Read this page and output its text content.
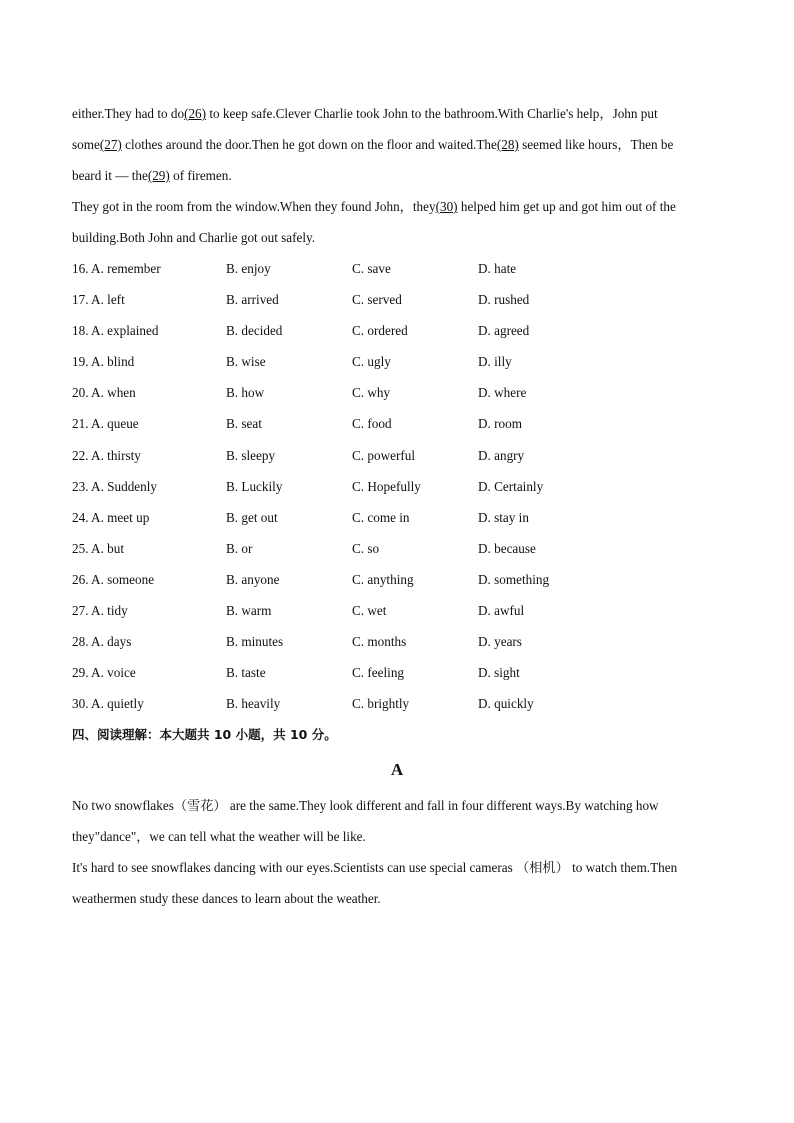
either.They had to do(26) to keep safe.Clever Charlie took John to the bathroom.With Charlie's help，John put
some(27) clothes around the door.Then he got down on the floor and waited.The(28) seemed like hours，Then be
beard it — the(29) of firemen.
They got in the room from the window.When they found John，they(30) helped him get up and got him out of the
building.Both John and Charlie got out safely.
16. A. remember	B. enjoy	C. save	D. hate
17. A. left	B. arrived	C. served	D. rushed
18. A. explained	B. decided	C. ordered	D. agreed
19. A. blind	B. wise	C. ugly	D. illy
20. A. when	B. how	C. why	D. where
21. A. queue	B. seat	C. food	D. room
22. A. thirsty	B. sleepy	C. powerful	D. angry
23. A. Suddenly	B. Luckily	C. Hopefully	D. Certainly
24. A. meet up	B. get out	C. come in	D. stay in
25. A. but	B. or	C. so	D. because
26. A. someone	B. anyone	C. anything	D. something
27. A. tidy	B. warm	C. wet	D. awful
28. A. days	B. minutes	C. months	D. years
29. A. voice	B. taste	C. feeling	D. sight
30. A. quietly	B. heavily	C. brightly	D. quickly
四、阅读理解：本大题共 10 小题，共 10 分。
A
No two snowflakes（雪花） are the same.They look different and fall in four different ways.By watching how
they"dance"，we can tell what the weather will be like.
It's hard to see snowflakes dancing with our eyes.Scientists can use special cameras （相机） to watch them.Then
weathermen study these dances to learn about the weather.
